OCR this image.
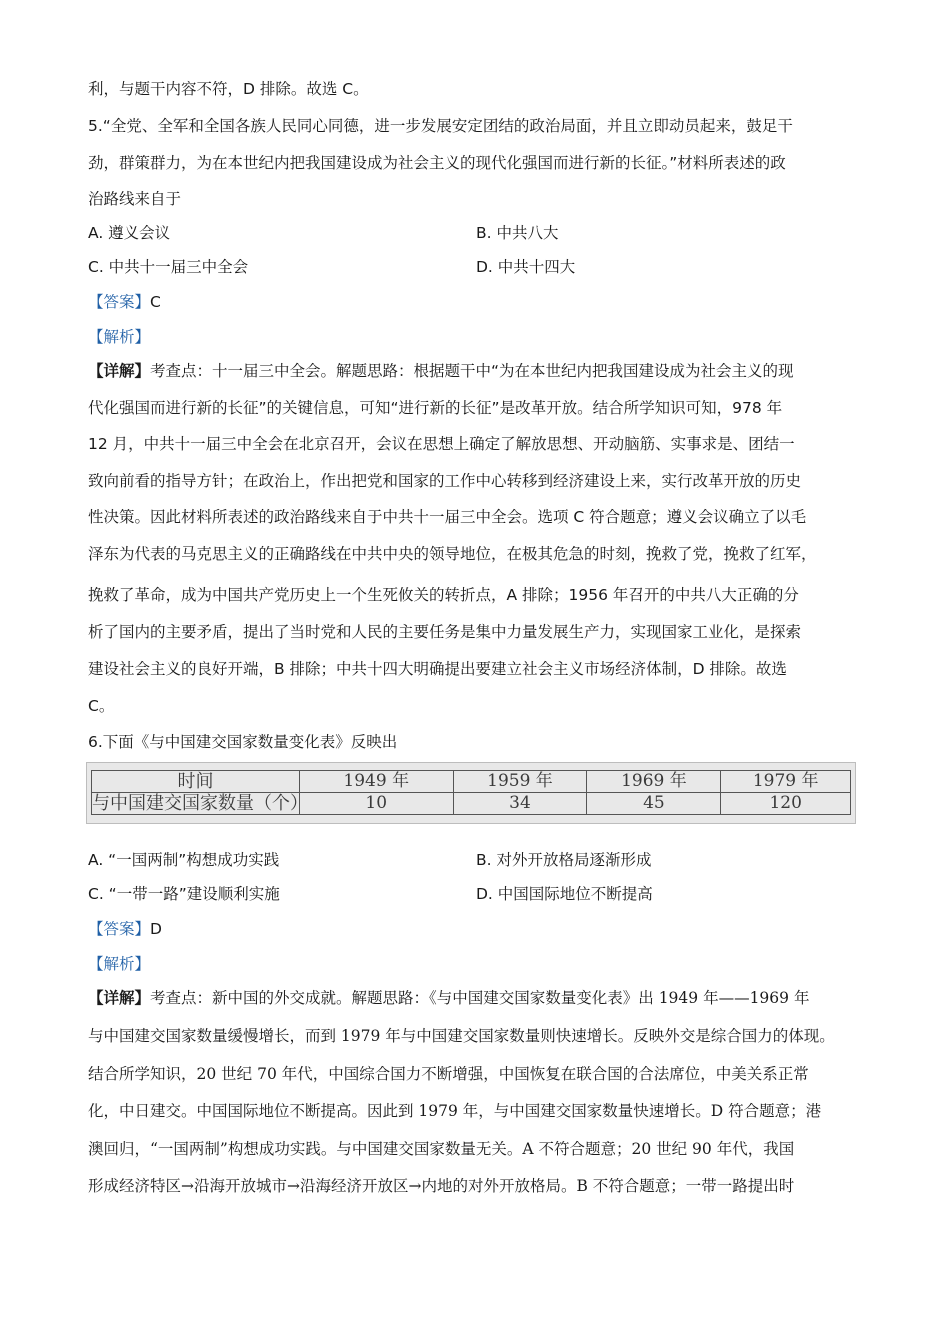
利，与题干内容不符，D 排除。故选 C。
5.“全党、全军和全国各族人民同心同德，进一步发展安定团结的政治局面，并且立即动员起来，鼓足干
劲，群策群力，为在本世纪内把我国建设成为社会主义的现代化强国而进行新的长征。”材料所表述的政
治路线来自于
A. 遵义会议	B. 中共八大
C. 中共十一届三中全会	D. 中共十四大
【答案】C
【解析】
【详解】考查点：十一届三中全会。解题思路：根据题干中“为在本世纪内把我国建设成为社会主义的现
代化强国而进行新的长征”的关键信息，可知“进行新的长征”是改革开放。结合所学知识可知，978 年
12 月，中共十一届三中全会在北京召开，会议在思想上确定了解放思想、开动脑筋、实事求是、团结一
致向前看的指导方针；在政治上，作出把党和国家的工作中心转移到经济建设上来，实行改革开放的历史
性决策。因此材料所表述的政治路线来自于中共十一届三中全会。选项 C 符合题意；遵义会议确立了以毛
泽东为代表的马克思主义的正确路线在中共中央的领导地位，在极其危急的时刻，挽救了党，挽救了红军，
挽救了革命，成为中国共产党历史上一个生死攸关的转折点，A 排除；1956 年召开的中共八大正确的分
析了国内的主要矛盾，提出了当时党和人民的主要任务是集中力量发展生产力，实现国家工业化，是探索
建设社会主义的良好开端，B 排除；中共十四大明确提出要建立社会主义市场经济体制，D 排除。故选
C。
6.下面《与中国建交国家数量变化表》反映出
时间	1949 年	1959 年	1969 年	1979 年
与中国建交国家数量（个）	10	34	45	120
A. “一国两制”构想成功实践	B. 对外开放格局逐渐形成
C. “一带一路”建设顺利实施	D. 中国国际地位不断提高
【答案】D
【解析】
【详解】考查点：新中国的外交成就。解题思路：《与中国建交国家数量变化表》出 1949 年——1969 年
与中国建交国家数量缓慢增长，而到 1979 年与中国建交国家数量则快速增长。反映外交是综合国力的体现。
结合所学知识，20 世纪 70 年代，中国综合国力不断增强，中国恢复在联合国的合法席位，中美关系正常
化，中日建交。中国国际地位不断提高。因此到 1979 年，与中国建交国家数量快速增长。D 符合题意；港
澳回归，“一国两制”构想成功实践。与中国建交国家数量无关。A 不符合题意；20 世纪 90 年代，我国
形成经济特区→沿海开放城市→沿海经济开放区→内地的对外开放格局。B 不符合题意；一带一路提出时
